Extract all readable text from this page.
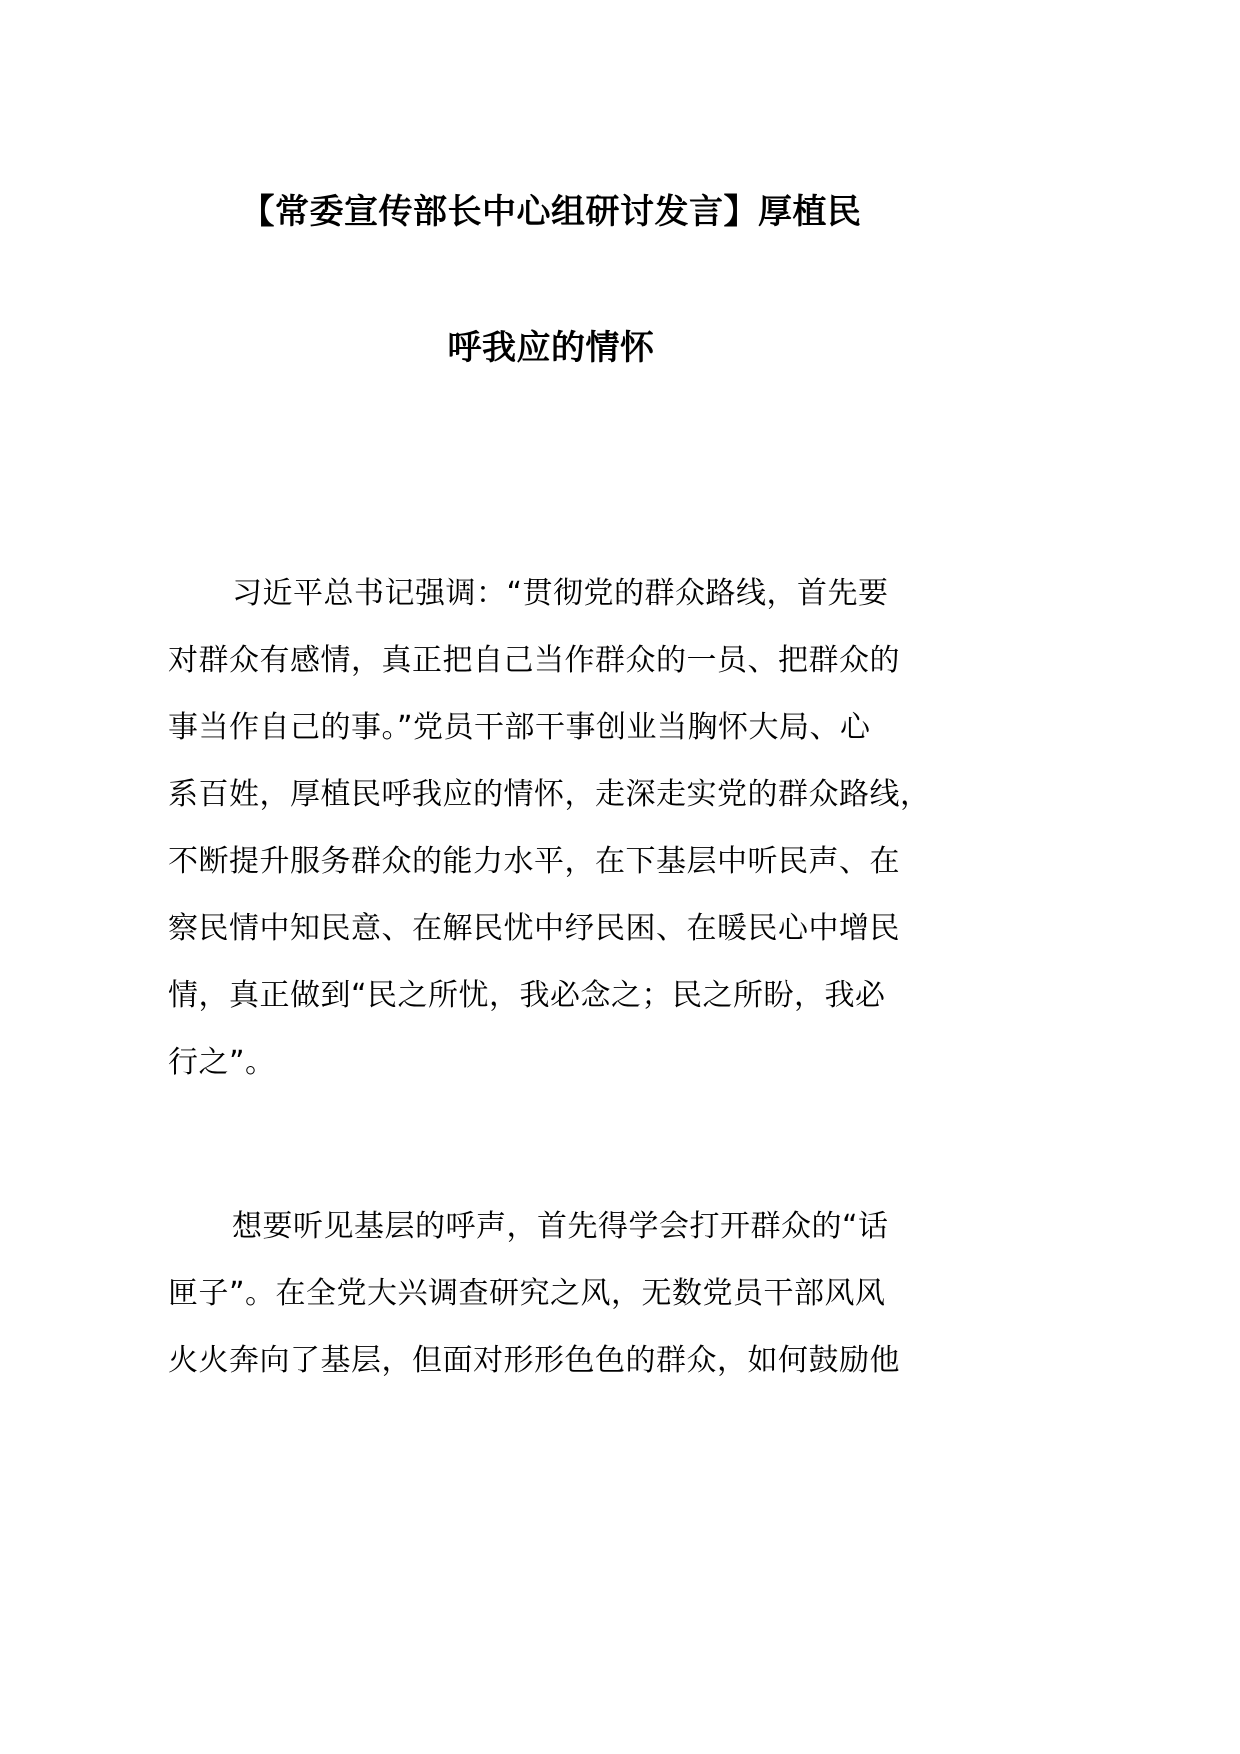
【常委宣传部长中心组研讨发言】厚植民
呼我应的情怀
习近平总书记强调：“贯彻党的群众路线，首先要
对群众有感情，真正把自己当作群众的一员、把群众的
事当作自己的事。”党员干部干事创业当胸怀大局、心
系百姓，厚植民呼我应的情怀，走深走实党的群众路线，
不断提升服务群众的能力水平，在下基层中听民声、在
察民情中知民意、在解民忧中纾民困、在暖民心中增民
情，真正做到“民之所忧，我必念之；民之所盼，我必
行之”。
想要听见基层的呼声，首先得学会打开群众的“话
匣子”。在全党大兴调查研究之风，无数党员干部风风
火火奔向了基层，但面对形形色色的群众，如何鼓励他
